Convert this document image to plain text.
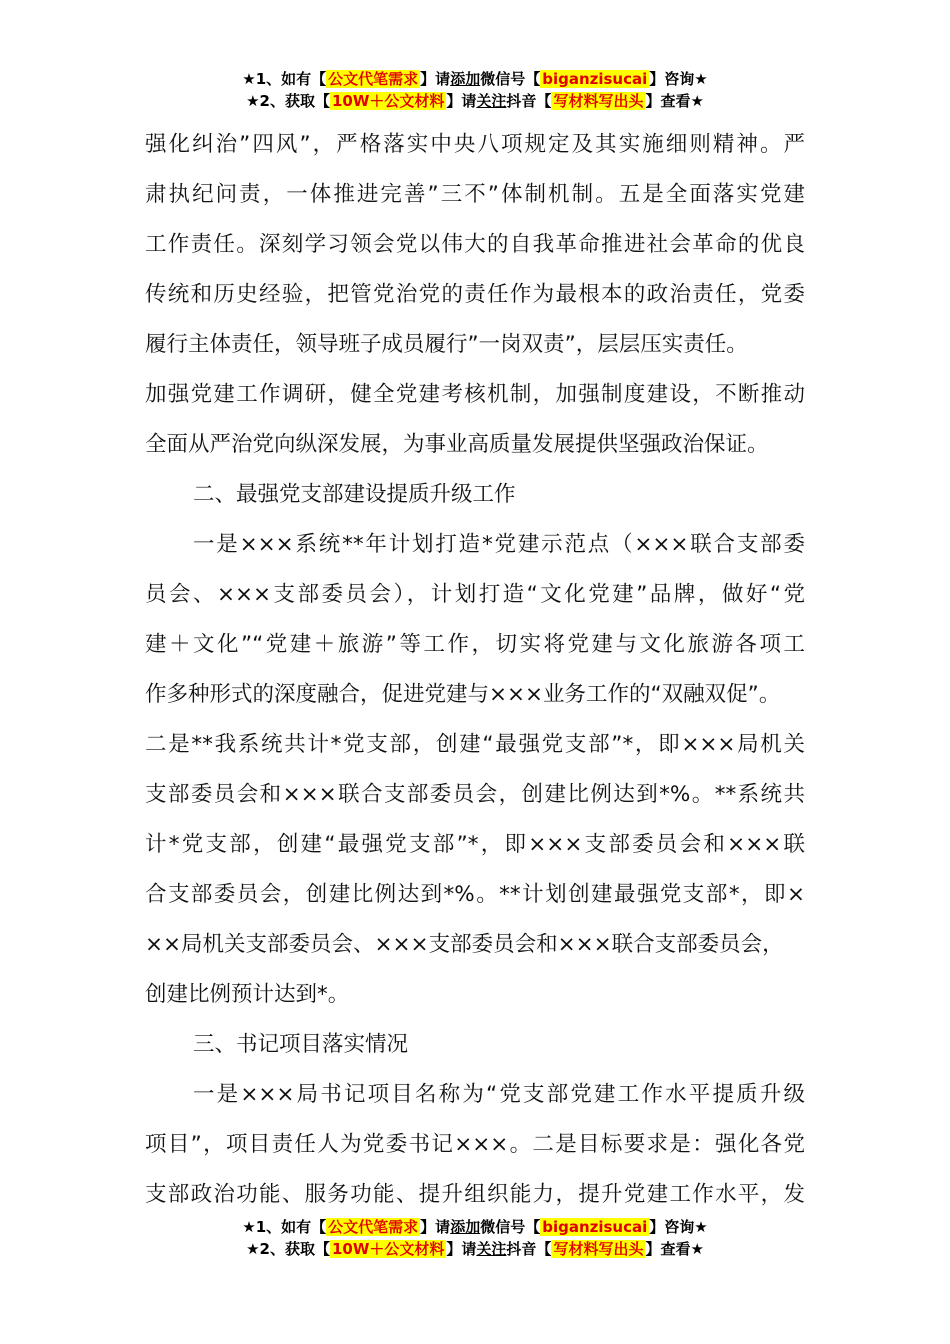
★1、如有【 公文代笔需求 】请添加微信号【 biganzisucai 】咨询★
★2、获取【 10W＋公文材料 】请关注抖音【 写材料写出头 】查看★
强化纠治”四风”，严格落实中央八项规定及其实施细则精神。严
肃执纪问责，一体推进完善”三不”体制机制。五是全面落实党建
工作责任。深刻学习领会党以伟大的自我革命推进社会革命的优良
传统和历史经验，把管党治党的责任作为最根本的政治责任，党委
履行主体责任，领导班子成员履行”一岗双责”，层层压实责任。
加强党建工作调研，健全党建考核机制，加强制度建设，不断推动
全面从严治党向纵深发展，为事业高质量发展提供坚强政治保证。
二、最强党支部建设提质升级工作
一是×××系统**年计划打造*党建示范点（×××联合支部委
员会、×××支部委员会），计划打造“文化党建”品牌，做好“党
建＋文化”“党建＋旅游”等工作，切实将党建与文化旅游各项工
作多种形式的深度融合，促进党建与×××业务工作的“双融双促”。
二是**我系统共计*党支部，创建“最强党支部”*，即×××局机关
支部委员会和×××联合支部委员会，创建比例达到*%。**系统共
计*党支部，创建“最强党支部”*，即×××支部委员会和×××联
合支部委员会，创建比例达到*%。**计划创建最强党支部*，即×
××局机关支部委员会、×××支部委员会和×××联合支部委员会，
创建比例预计达到*。
三、书记项目落实情况
一是×××局书记项目名称为“党支部党建工作水平提质升级
项目”，项目责任人为党委书记×××。二是目标要求是：强化各党
支部政治功能、服务功能、提升组织能力，提升党建工作水平，发
★1、如有【 公文代笔需求 】请添加微信号【 biganzisucai 】咨询★
★2、获取【 10W＋公文材料 】请关注抖音【 写材料写出头 】查看★
